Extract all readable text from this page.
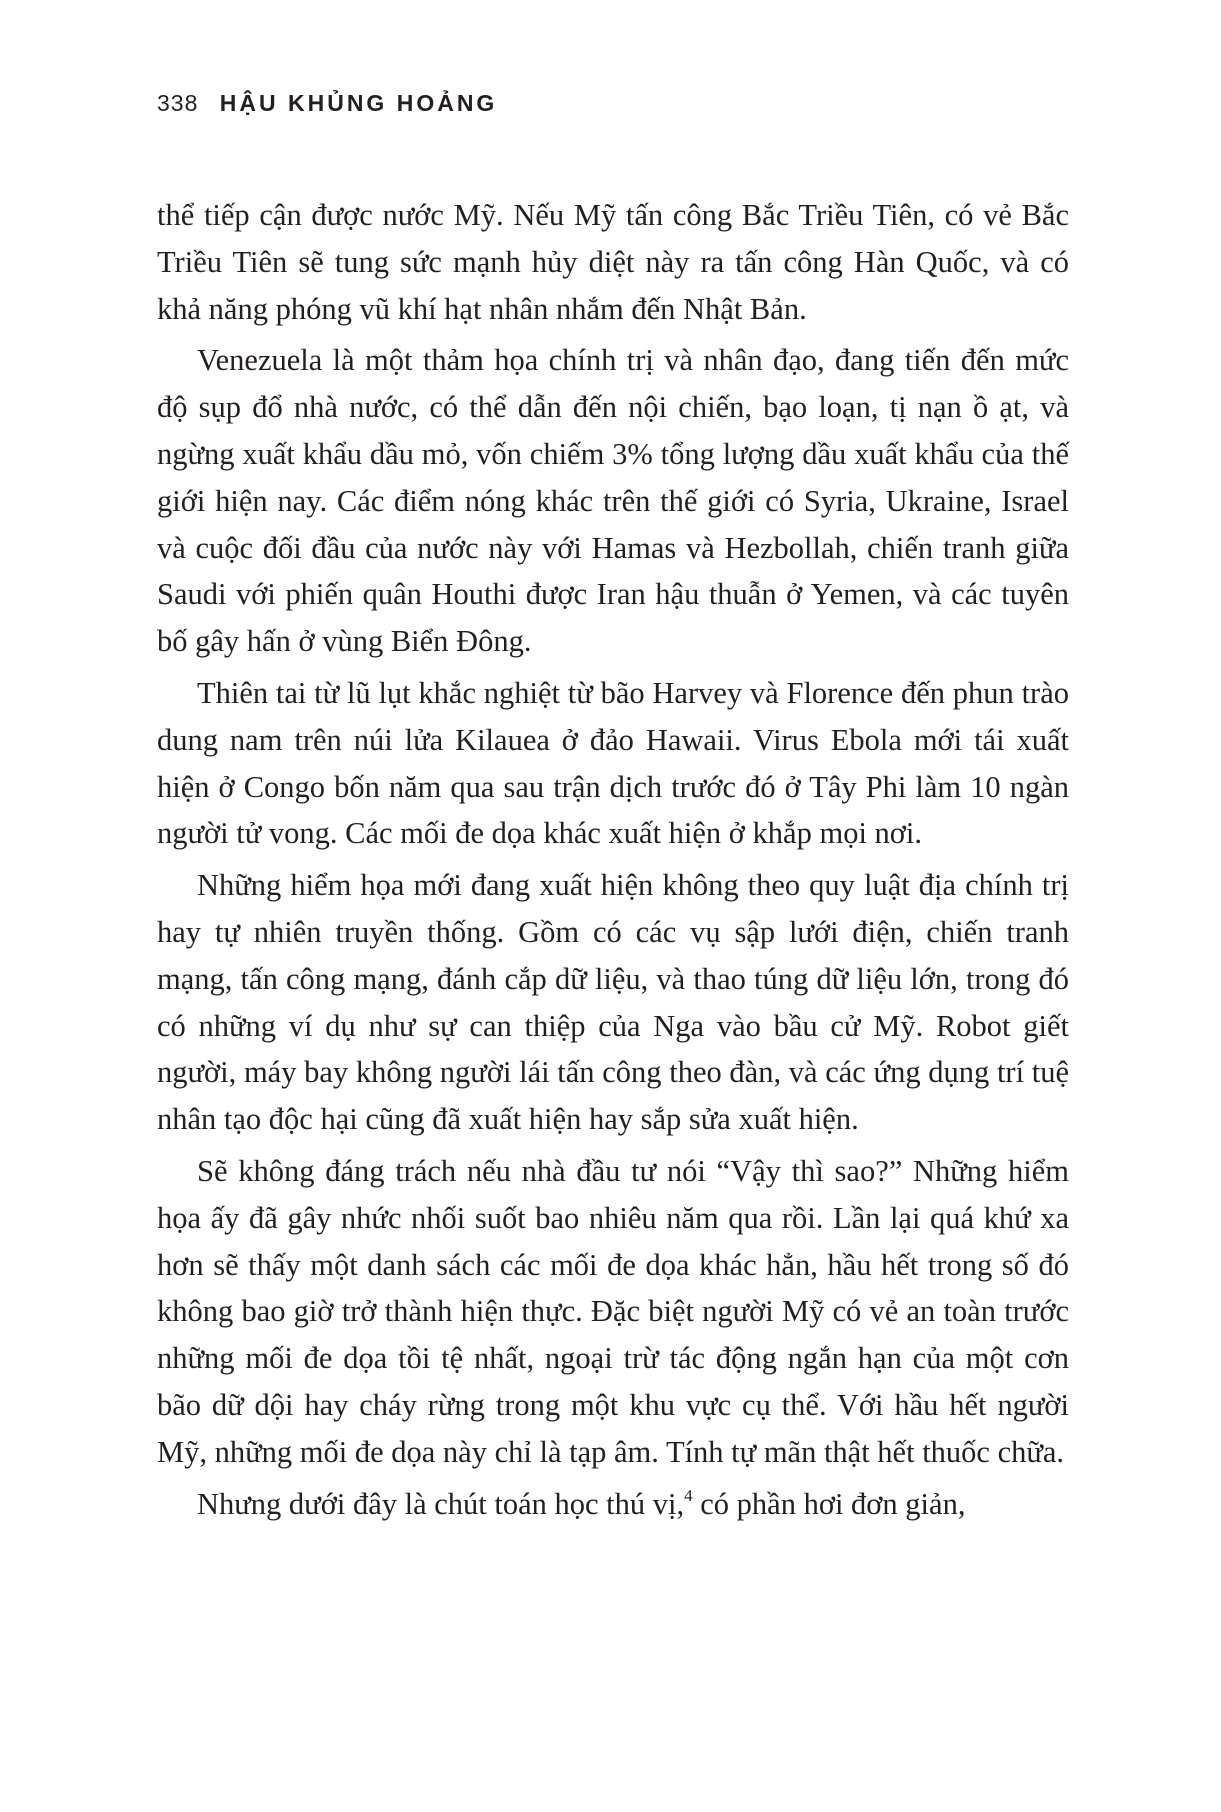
338 HẬU KHỦNG HOẢNG

thể tiếp cận được nước Mỹ. Nếu Mỹ tấn công Bắc Triều Tiên, có vẻ Bắc Triều Tiên sẽ tung sức mạnh hủy diệt này ra tấn công Hàn Quốc, và có khả năng phóng vũ khí hạt nhân nhắm đến Nhật Bản.

Venezuela là một thảm họa chính trị và nhân đạo, đang tiến đến mức độ sụp đổ nhà nước, có thể dẫn đến nội chiến, bạo loạn, tị nạn ồ ạt, và ngừng xuất khẩu dầu mỏ, vốn chiếm 3% tổng lượng dầu xuất khẩu của thế giới hiện nay. Các điểm nóng khác trên thế giới có Syria, Ukraine, Israel và cuộc đối đầu của nước này với Hamas và Hezbollah, chiến tranh giữa Saudi với phiến quân Houthi được Iran hậu thuẫn ở Yemen, và các tuyên bố gây hấn ở vùng Biển Đông.

Thiên tai từ lũ lụt khắc nghiệt từ bão Harvey và Florence đến phun trào dung nam trên núi lửa Kilauea ở đảo Hawaii. Virus Ebola mới tái xuất hiện ở Congo bốn năm qua sau trận dịch trước đó ở Tây Phi làm 10 ngàn người tử vong. Các mối đe dọa khác xuất hiện ở khắp mọi nơi.

Những hiểm họa mới đang xuất hiện không theo quy luật địa chính trị hay tự nhiên truyền thống. Gồm có các vụ sập lưới điện, chiến tranh mạng, tấn công mạng, đánh cắp dữ liệu, và thao túng dữ liệu lớn, trong đó có những ví dụ như sự can thiệp của Nga vào bầu cử Mỹ. Robot giết người, máy bay không người lái tấn công theo đàn, và các ứng dụng trí tuệ nhân tạo độc hại cũng đã xuất hiện hay sắp sửa xuất hiện.

Sẽ không đáng trách nếu nhà đầu tư nói “Vậy thì sao?” Những hiểm họa ấy đã gây nhức nhối suốt bao nhiêu năm qua rồi. Lần lại quá khứ xa hơn sẽ thấy một danh sách các mối đe dọa khác hẳn, hầu hết trong số đó không bao giờ trở thành hiện thực. Đặc biệt người Mỹ có vẻ an toàn trước những mối đe dọa tồi tệ nhất, ngoại trừ tác động ngắn hạn của một cơn bão dữ dội hay cháy rừng trong một khu vực cụ thể. Với hầu hết người Mỹ, những mối đe dọa này chỉ là tạp âm. Tính tự mãn thật hết thuốc chữa.

Nhưng dưới đây là chút toán học thú vị,$^4$ có phần hơi đơn giản,
